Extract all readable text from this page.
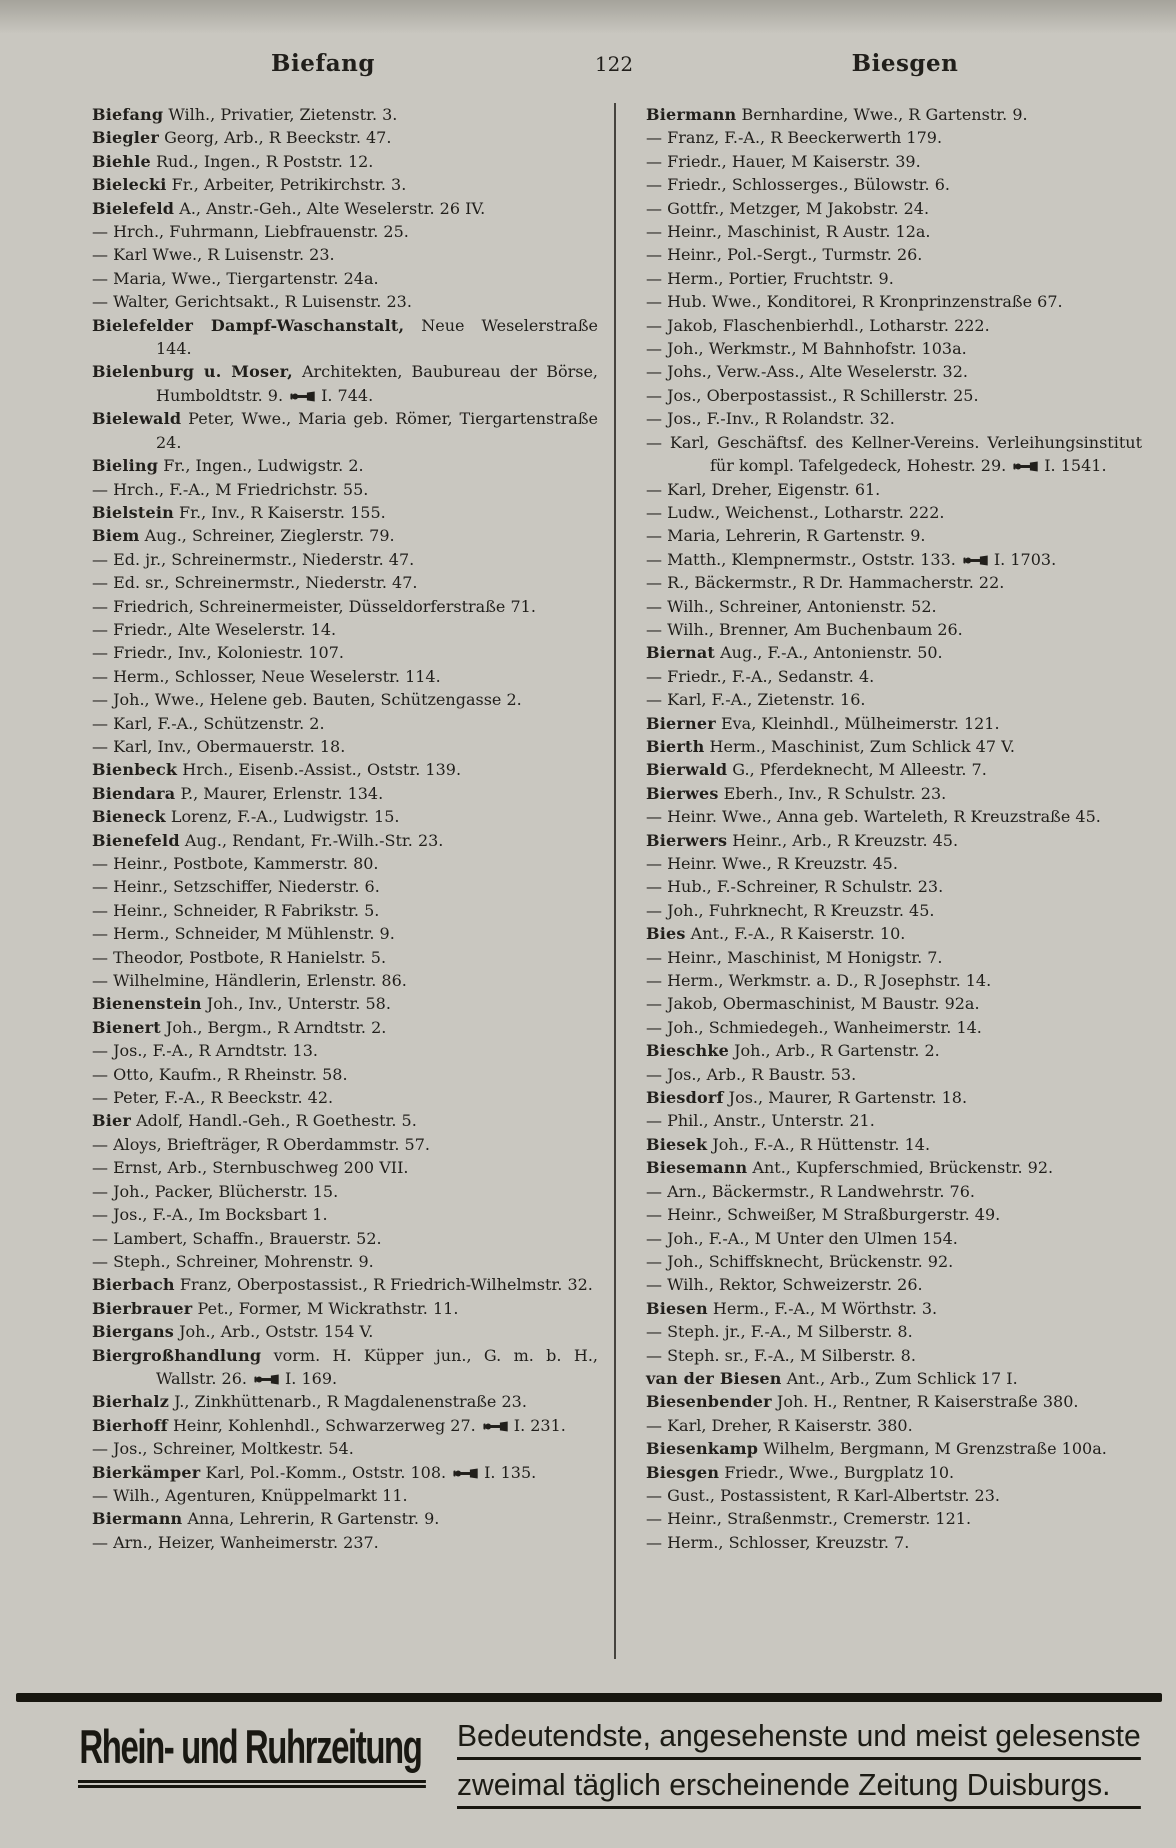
Biefang	122	Biesgen

Biefang Wilh., Privatier, Zietenstr. 3.

Biegler Georg, Arb., R Beeckstr. 47.

Biehle Rud., Ingen., R Poststr. 12.

Bielecki Fr., Arbeiter, Petrikirchstr. 3.

Bielefeld A., Anstr.-Geh., Alte Weselerstr. 26 IV.

— Hrch., Fuhrmann, Liebfrauenstr. 25.

— Karl Wwe., R Luisenstr. 23.

— Maria, Wwe., Tiergartenstr. 24a.

— Walter, Gerichtsakt., R Luisenstr. 23.

Bielefelder Dampf-Waschanstalt, Neue Weselerstraße 144.

Bielenburg u. Moser, Architekten, Baubureau der Börse, Humboldtstr. 9. I. 744.

Bielewald Peter, Wwe., Maria geb. Römer, Tiergartenstraße 24.

Bieling Fr., Ingen., Ludwigstr. 2.

— Hrch., F.-A., M Friedrichstr. 55.

Bielstein Fr., Inv., R Kaiserstr. 155.

Biem Aug., Schreiner, Zieglerstr. 79.

— Ed. jr., Schreinermstr., Niederstr. 47.

— Ed. sr., Schreinermstr., Niederstr. 47.

— Friedrich, Schreinermeister, Düsseldorferstraße 71.

— Friedr., Alte Weselerstr. 14.

— Friedr., Inv., Koloniestr. 107.

— Herm., Schlosser, Neue Weselerstr. 114.

— Joh., Wwe., Helene geb. Bauten, Schützengasse 2.

— Karl, F.-A., Schützenstr. 2.

— Karl, Inv., Obermauerstr. 18.

Bienbeck Hrch., Eisenb.-Assist., Oststr. 139.

Biendara P., Maurer, Erlenstr. 134.

Bieneck Lorenz, F.-A., Ludwigstr. 15.

Bienefeld Aug., Rendant, Fr.-Wilh.-Str. 23.

— Heinr., Postbote, Kammerstr. 80.

— Heinr., Setzschiffer, Niederstr. 6.

— Heinr., Schneider, R Fabrikstr. 5.

— Herm., Schneider, M Mühlenstr. 9.

— Theodor, Postbote, R Hanielstr. 5.

— Wilhelmine, Händlerin, Erlenstr. 86.

Bienenstein Joh., Inv., Unterstr. 58.

Bienert Joh., Bergm., R Arndtstr. 2.

— Jos., F.-A., R Arndtstr. 13.

— Otto, Kaufm., R Rheinstr. 58.

— Peter, F.-A., R Beeckstr. 42.

Bier Adolf, Handl.-Geh., R Goethestr. 5.

— Aloys, Briefträger, R Oberdammstr. 57.

— Ernst, Arb., Sternbuschweg 200 VII.

— Joh., Packer, Blücherstr. 15.

— Jos., F.-A., Im Bocksbart 1.

— Lambert, Schaffn., Brauerstr. 52.

— Steph., Schreiner, Mohrenstr. 9.

Bierbach Franz, Oberpostassist., R Friedrich-Wilhelmstr. 32.

Bierbrauer Pet., Former, M Wickrathstr. 11.

Biergans Joh., Arb., Oststr. 154 V.

Biergroßhandlung vorm. H. Küpper jun., G. m. b. H., Wallstr. 26. I. 169.

Bierhalz J., Zinkhüttenarb., R Magdalenenstraße 23.

Bierhoff Heinr, Kohlenhdl., Schwarzerweg 27. I. 231.

— Jos., Schreiner, Moltkestr. 54.

Bierkämper Karl, Pol.-Komm., Oststr. 108. I. 135.

— Wilh., Agenturen, Knüppelmarkt 11.

Biermann Anna, Lehrerin, R Gartenstr. 9.

— Arn., Heizer, Wanheimerstr. 237.

Biermann Bernhardine, Wwe., R Gartenstr. 9.

— Franz, F.-A., R Beeckerwerth 179.

— Friedr., Hauer, M Kaiserstr. 39.

— Friedr., Schlosserges., Bülowstr. 6.

— Gottfr., Metzger, M Jakobstr. 24.

— Heinr., Maschinist, R Austr. 12a.

— Heinr., Pol.-Sergt., Turmstr. 26.

— Herm., Portier, Fruchtstr. 9.

— Hub. Wwe., Konditorei, R Kronprinzenstraße 67.

— Jakob, Flaschenbierhdl., Lotharstr. 222.

— Joh., Werkmstr., M Bahnhofstr. 103a.

— Johs., Verw.-Ass., Alte Weselerstr. 32.

— Jos., Oberpostassist., R Schillerstr. 25.

— Jos., F.-Inv., R Rolandstr. 32.

— Karl, Geschäftsf. des Kellner-Vereins. Verleihungsinstitut für kompl. Tafelgedeck, Hohestr. 29. I. 1541.

— Karl, Dreher, Eigenstr. 61.

— Ludw., Weichenst., Lotharstr. 222.

— Maria, Lehrerin, R Gartenstr. 9.

— Matth., Klempnermstr., Oststr. 133. I. 1703.

— R., Bäckermstr., R Dr. Hammacherstr. 22.

— Wilh., Schreiner, Antonienstr. 52.

— Wilh., Brenner, Am Buchenbaum 26.

Biernat Aug., F.-A., Antonienstr. 50.

— Friedr., F.-A., Sedanstr. 4.

— Karl, F.-A., Zietenstr. 16.

Bierner Eva, Kleinhdl., Mülheimerstr. 121.

Bierth Herm., Maschinist, Zum Schlick 47 V.

Bierwald G., Pferdeknecht, M Alleestr. 7.

Bierwes Eberh., Inv., R Schulstr. 23.

— Heinr. Wwe., Anna geb. Warteleth, R Kreuzstraße 45.

Bierwers Heinr., Arb., R Kreuzstr. 45.

— Heinr. Wwe., R Kreuzstr. 45.

— Hub., F.-Schreiner, R Schulstr. 23.

— Joh., Fuhrknecht, R Kreuzstr. 45.

Bies Ant., F.-A., R Kaiserstr. 10.

— Heinr., Maschinist, M Honigstr. 7.

— Herm., Werkmstr. a. D., R Josephstr. 14.

— Jakob, Obermaschinist, M Baustr. 92a.

— Joh., Schmiedegeh., Wanheimerstr. 14.

Bieschke Joh., Arb., R Gartenstr. 2.

— Jos., Arb., R Baustr. 53.

Biesdorf Jos., Maurer, R Gartenstr. 18.

— Phil., Anstr., Unterstr. 21.

Biesek Joh., F.-A., R Hüttenstr. 14.

Biesemann Ant., Kupferschmied, Brückenstr. 92.

— Arn., Bäckermstr., R Landwehrstr. 76.

— Heinr., Schweißer, M Straßburgerstr. 49.

— Joh., F.-A., M Unter den Ulmen 154.

— Joh., Schiffsknecht, Brückenstr. 92.

— Wilh., Rektor, Schweizerstr. 26.

Biesen Herm., F.-A., M Wörthstr. 3.

— Steph. jr., F.-A., M Silberstr. 8.

— Steph. sr., F.-A., M Silberstr. 8.

van der Biesen Ant., Arb., Zum Schlick 17 I.

Biesenbender Joh. H., Rentner, R Kaiserstraße 380.

— Karl, Dreher, R Kaiserstr. 380.

Biesenkamp Wilhelm, Bergmann, M Grenzstraße 100a.

Biesgen Friedr., Wwe., Burgplatz 10.

— Gust., Postassistent, R Karl-Albertstr. 23.

— Heinr., Straßenmstr., Cremerstr. 121.

— Herm., Schlosser, Kreuzstr. 7.

Rhein- und Ruhrzeitung Bedeutendste, angesehenste und meist gelesenste
zweimal täglich erscheinende Zeitung Duisburgs.
